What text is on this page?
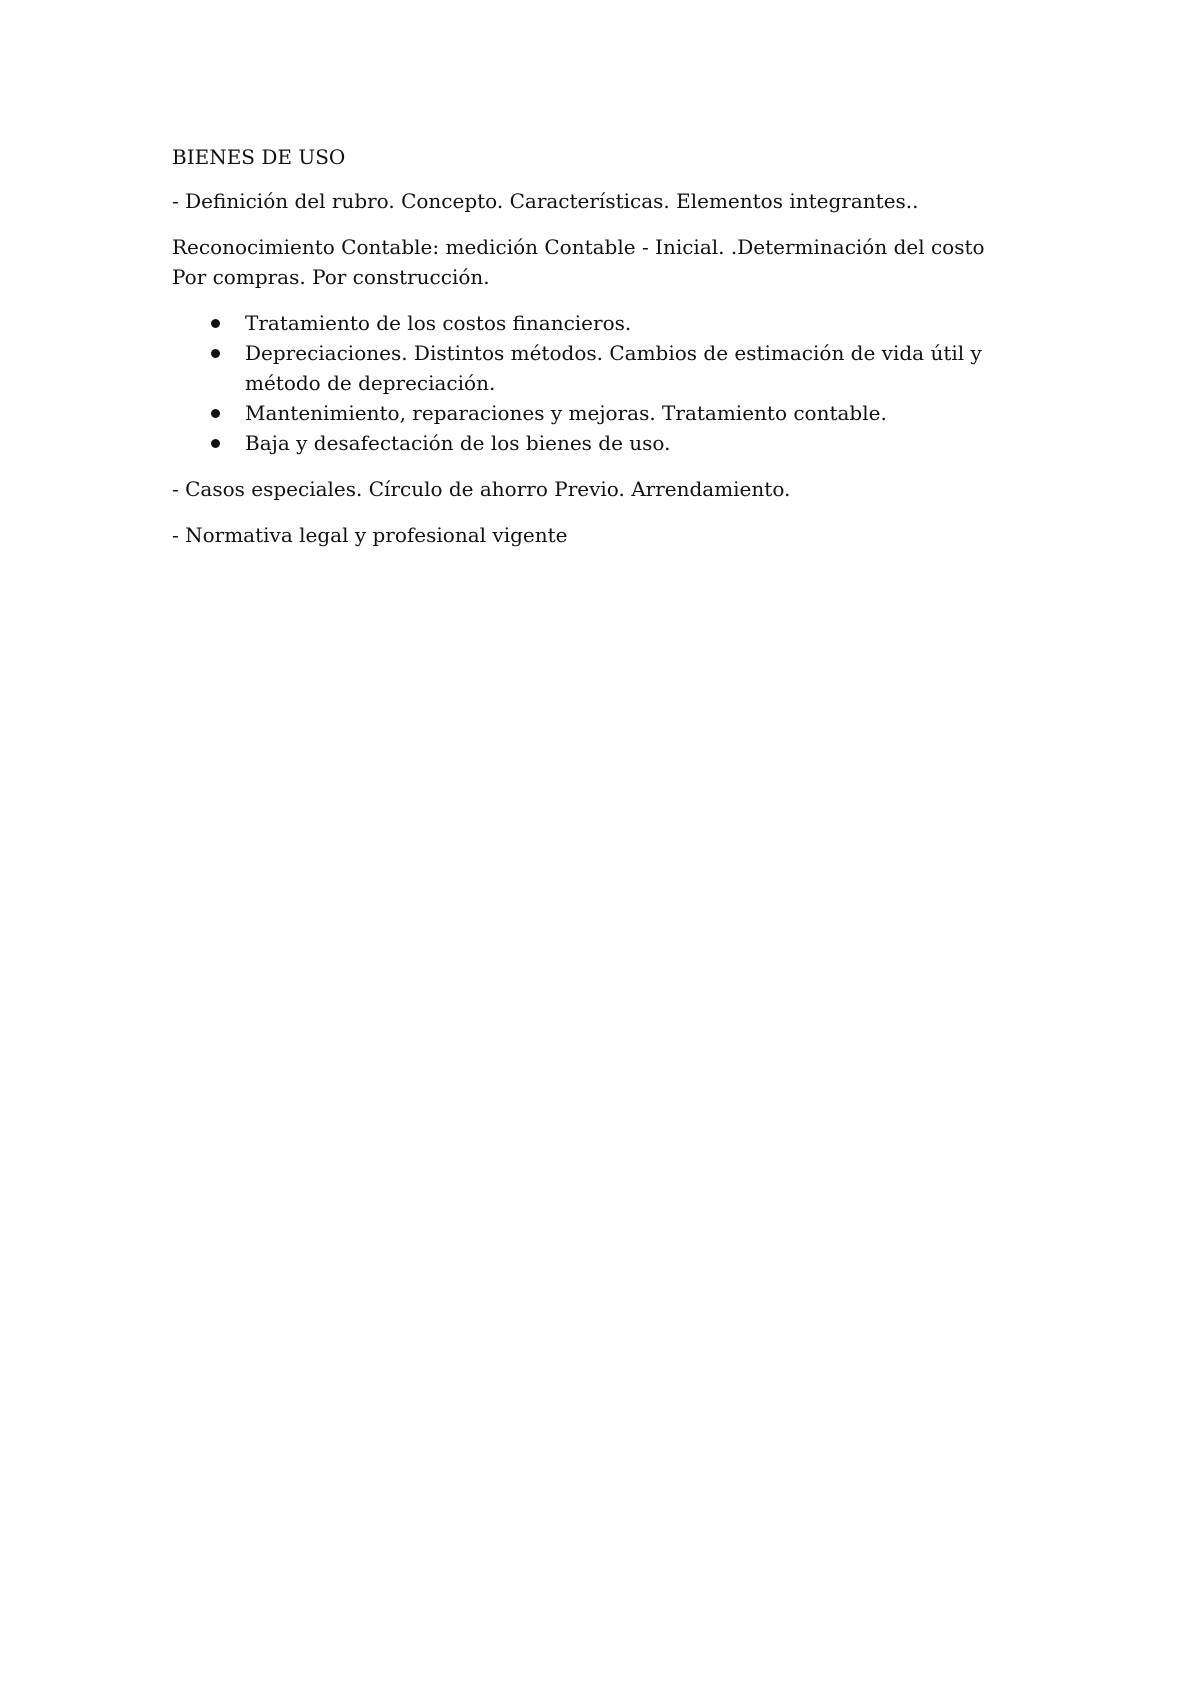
BIENES DE USO

- Definición del rubro. Concepto. Características. Elementos integrantes..

Reconocimiento Contable: medición Contable - Inicial. .Determinación del costo Por compras. Por construcción.

Tratamiento de los costos financieros.
Depreciaciones. Distintos métodos. Cambios de estimación de vida útil y método de depreciación.
Mantenimiento, reparaciones y mejoras. Tratamiento contable.
Baja y desafectación de los bienes de uso.

- Casos especiales. Círculo de ahorro Previo. Arrendamiento.

- Normativa legal y profesional vigente
